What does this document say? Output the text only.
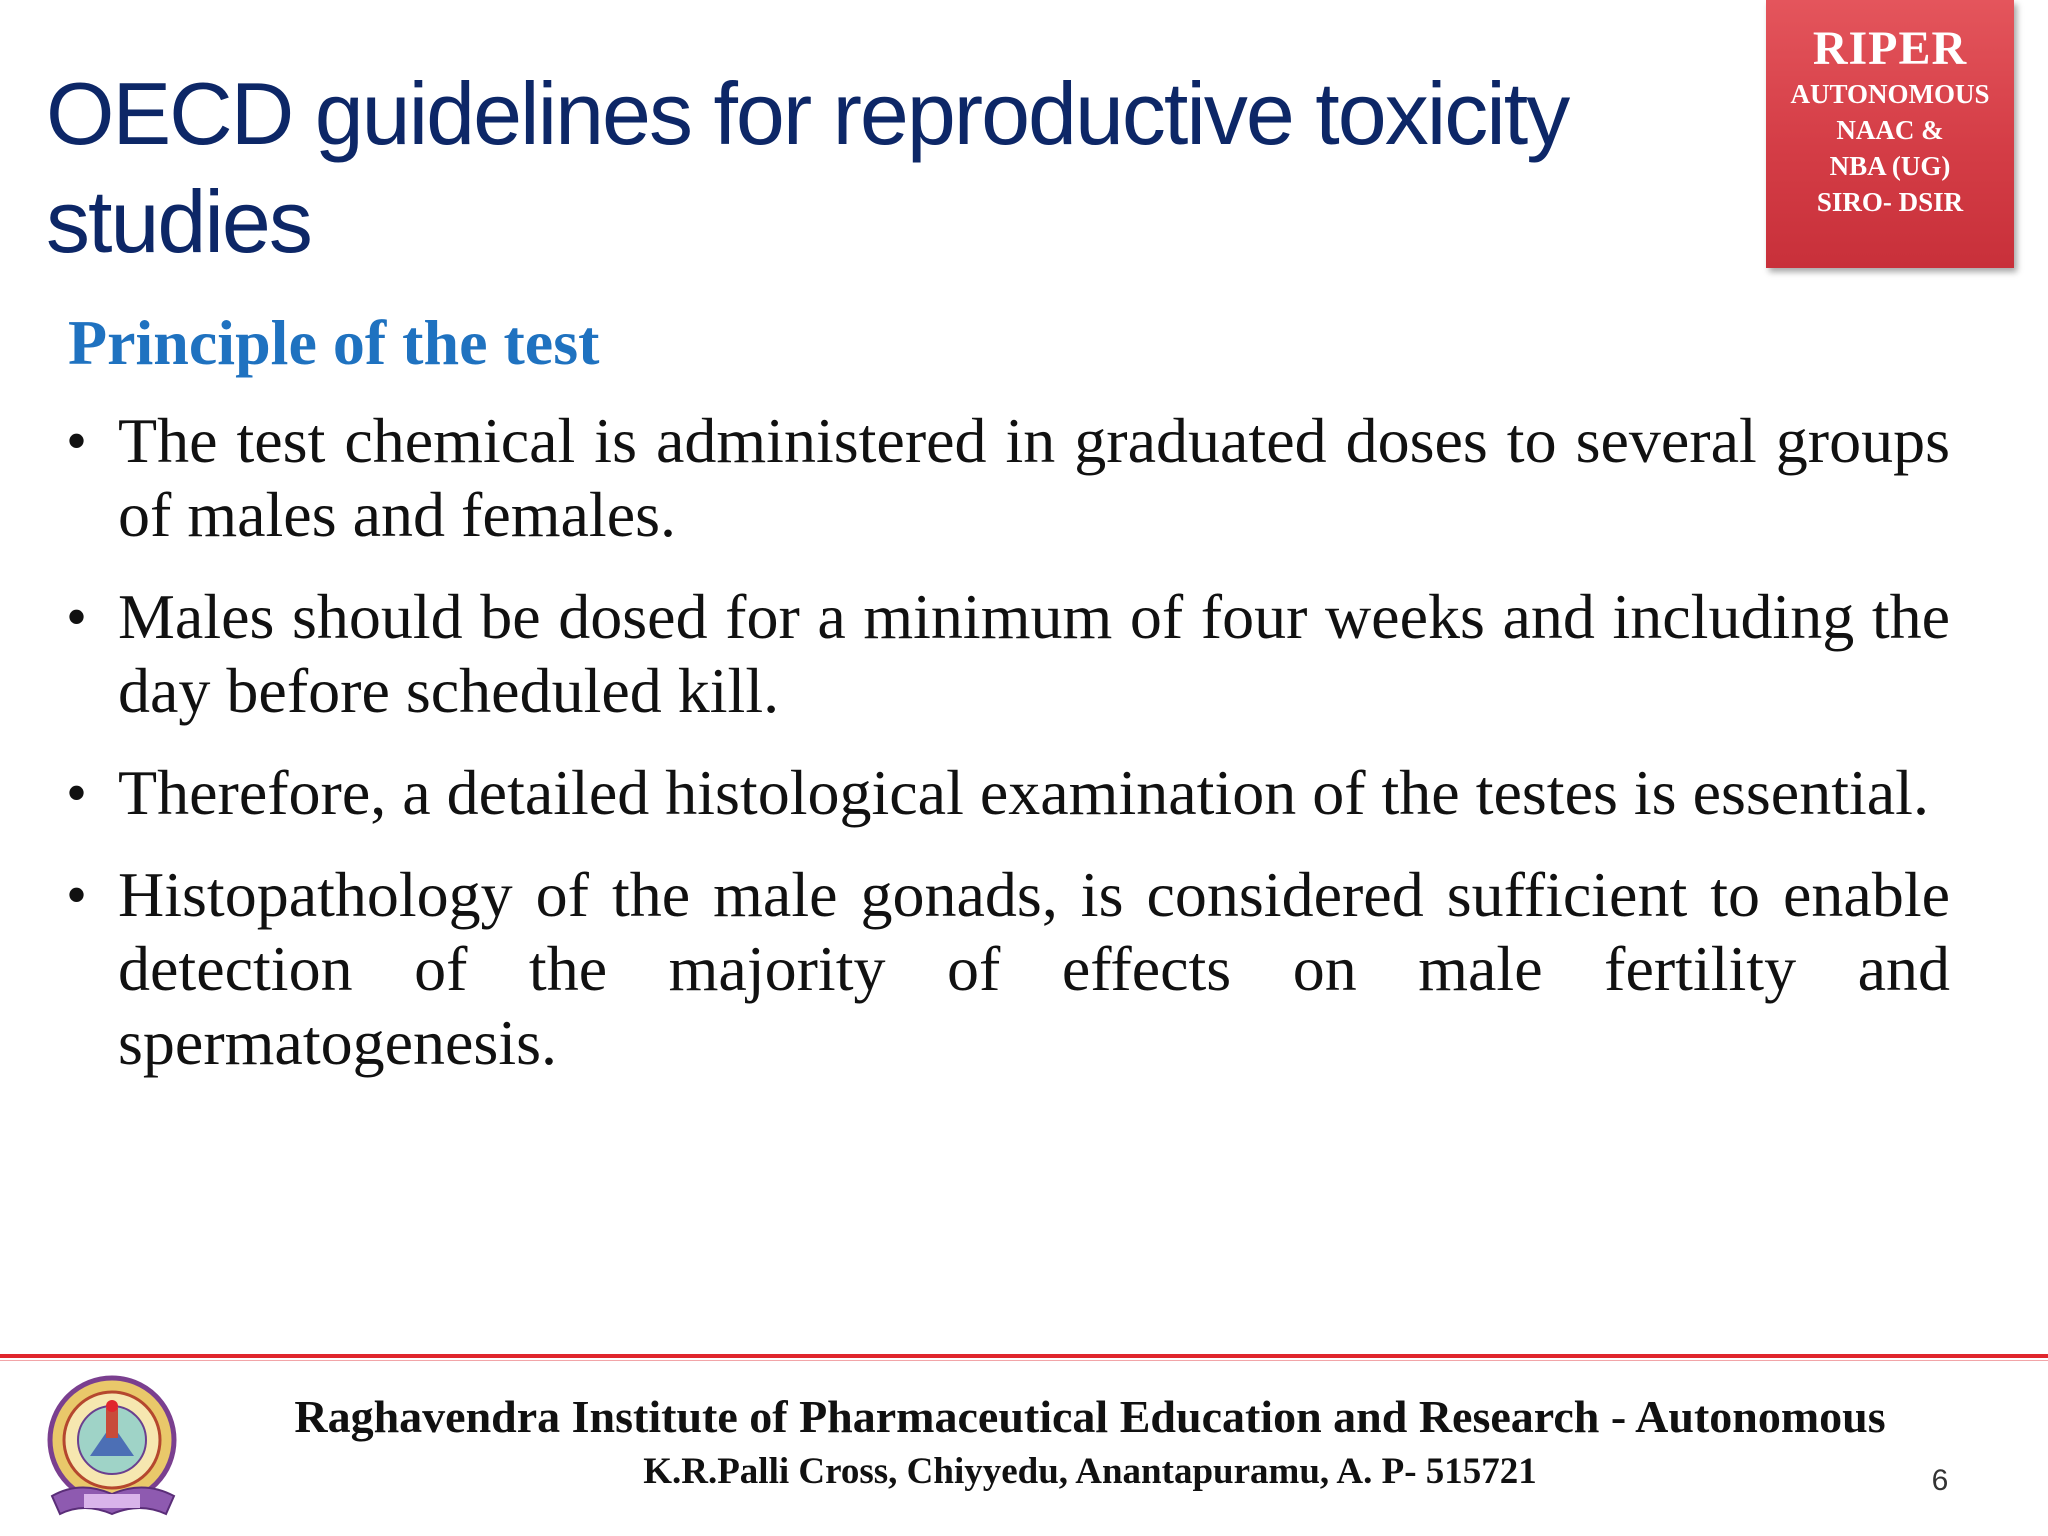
OECD guidelines for reproductive toxicity studies
RIPER
AUTONOMOUS
NAAC &
NBA (UG)
SIRO- DSIR
Principle of the test
• The test chemical is administered in graduated doses to several groups of males and females.
• Males should be dosed for a minimum of four weeks and including the day before scheduled kill.
• Therefore, a detailed histological examination of the testes is essential.
• Histopathology of the male gonads, is considered sufficient to enable detection of the majority of effects on male fertility and spermatogenesis.
Raghavendra Institute of Pharmaceutical Education and Research - Autonomous
K.R.Palli Cross, Chiyyedu, Anantapuramu, A. P- 515721	6
